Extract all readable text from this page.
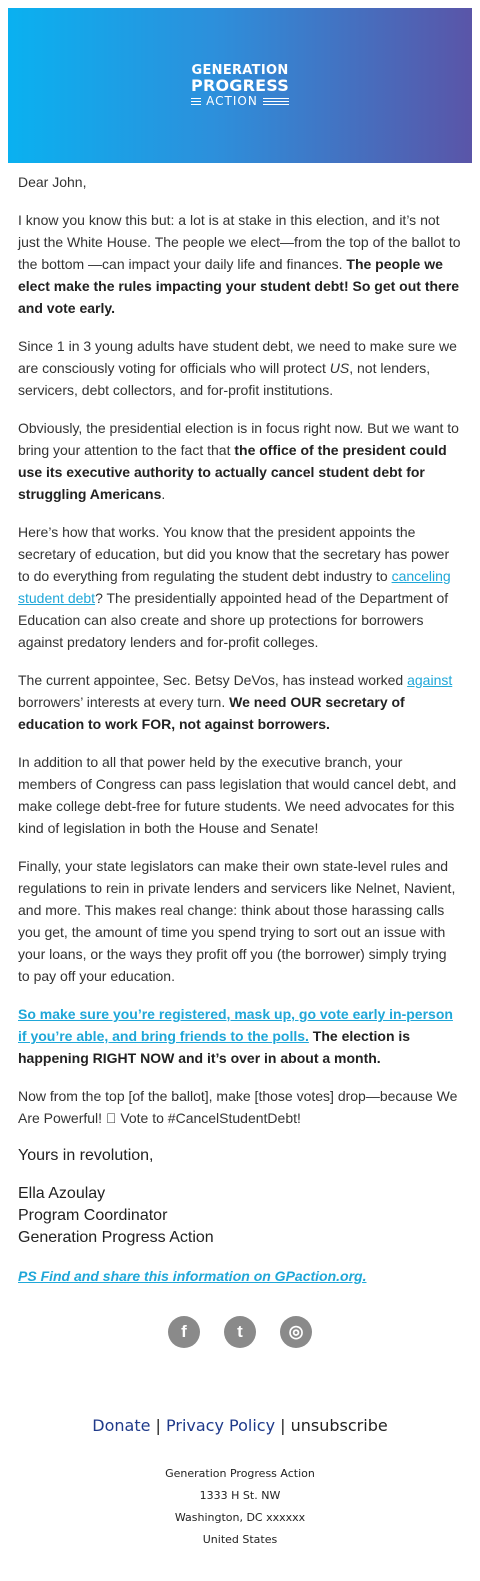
GENERATION
PROGRESS
ACTION

Dear John,

I know you know this but: a lot is at stake in this election, and it’s not just the White House. The people we elect—from the top of the ballot to the bottom —can impact your daily life and finances. The people we elect make the rules impacting your student debt! So get out there and vote early.

Since 1 in 3 young adults have student debt, we need to make sure we are consciously voting for officials who will protect US, not lenders, servicers, debt collectors, and for-profit institutions.

Obviously, the presidential election is in focus right now. But we want to bring your attention to the fact that the office of the president could use its executive authority to actually cancel student debt for struggling Americans.

Here’s how that works. You know that the president appoints the secretary of education, but did you know that the secretary has power to do everything from regulating the student debt industry to canceling student debt? The presidentially appointed head of the Department of Education can also create and shore up protections for borrowers against predatory lenders and for-profit colleges.

The current appointee, Sec. Betsy DeVos, has instead worked against borrowers’ interests at every turn. We need OUR secretary of education to work FOR, not against borrowers.

In addition to all that power held by the executive branch, your members of Congress can pass legislation that would cancel debt, and make college debt-free for future students. We need advocates for this kind of legislation in both the House and Senate!

Finally, your state legislators can make their own state-level rules and regulations to rein in private lenders and servicers like Nelnet, Navient, and more. This makes real change: think about those harassing calls you get, the amount of time you spend trying to sort out an issue with your loans, or the ways they profit off you (the borrower) simply trying to pay off your education.

So make sure you’re registered, mask up, go vote early in-person if you’re able, and bring friends to the polls. The election is happening RIGHT NOW and it’s over in about a month.

Now from the top [of the ballot], make [those votes] drop—because We Are Powerful!   Vote to #CancelStudentDebt!

Yours in revolution,

Ella Azoulay
Program Coordinator
Generation Progress Action

PS Find and share this information on GPaction.org.

f	t	◎
Donate | Privacy Policy | unsubscribe
Generation Progress Action
1333 H St. NW
Washington, DC xxxxxx
United States
